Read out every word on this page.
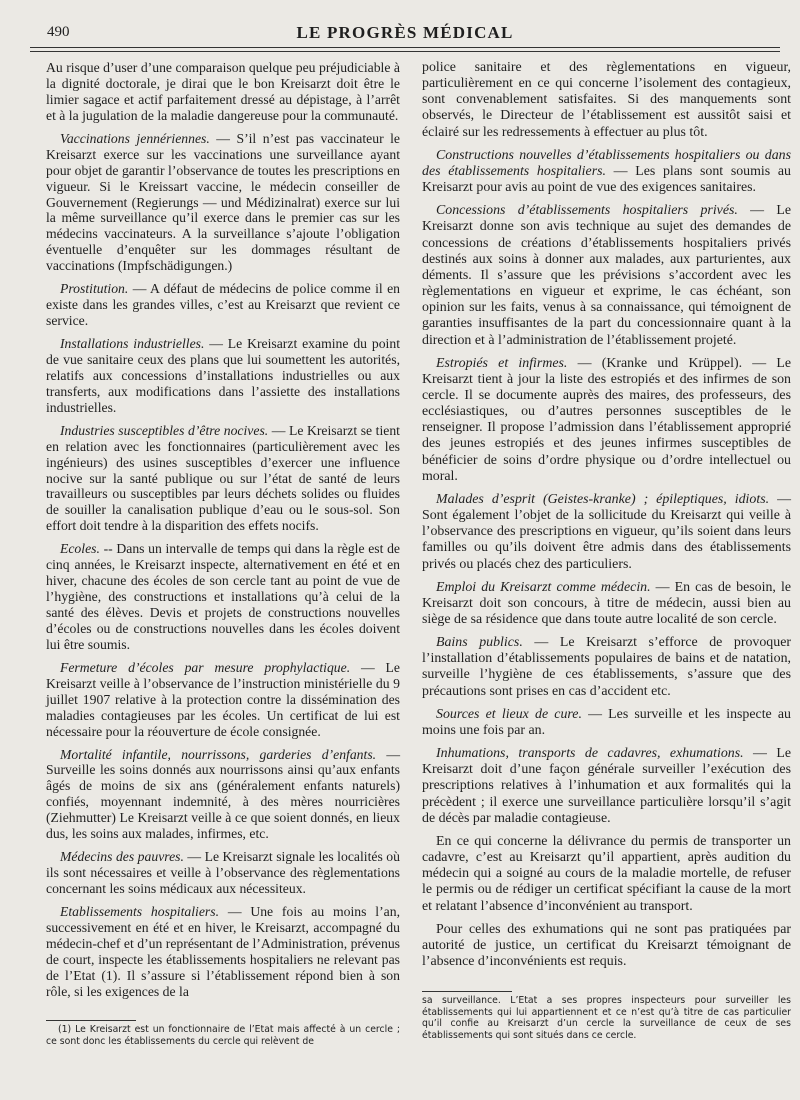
490	LE PROGRÈS MÉDICAL

Au risque d’user d’une comparaison quelque peu préjudiciable à la dignité doctorale, je dirai que le bon Kreisarzt doit être le limier sagace et actif parfaitement dressé au dépistage, à l’arrêt et à la jugulation de la maladie dangereuse pour la communauté.

Vaccinations jennériennes. — S’il n’est pas vaccinateur le Kreisarzt exerce sur les vaccinations une surveillance ayant pour objet de garantir l’observance de toutes les prescriptions en vigueur. Si le Kreissart vaccine, le médecin conseiller de Gouvernement (Regierungs — und Médizinalrat) exerce sur lui la même surveillance qu’il exerce dans le premier cas sur les médecins vaccinateurs. A la surveillance s’ajoute l’obligation éventuelle d’enquêter sur les dommages résultant de vaccinations (Impfschädigungen.)

Prostitution. — A défaut de médecins de police comme il en existe dans les grandes villes, c’est au Kreisarzt que revient ce service.

Installations industrielles. — Le Kreisarzt examine du point de vue sanitaire ceux des plans que lui soumettent les autorités, relatifs aux concessions d’installations industrielles ou aux transferts, aux modifications dans l’assiette des installations industrielles.

Industries susceptibles d’être nocives. — Le Kreisarzt se tient en relation avec les fonctionnaires (particulièrement avec les ingénieurs) des usines susceptibles d’exercer une influence nocive sur la santé publique ou sur l’état de santé de leurs travailleurs ou susceptibles par leurs déchets solides ou fluides de souiller la canalisation publique d’eau ou le sous-sol. Son effort doit tendre à la disparition des effets nocifs.

Ecoles. -- Dans un intervalle de temps qui dans la règle est de cinq années, le Kreisarzt inspecte, alternativement en été et en hiver, chacune des écoles de son cercle tant au point de vue de l’hygiène, des constructions et installations qu’à celui de la santé des élèves. Devis et projets de constructions nouvelles d’écoles ou de constructions nouvelles dans les écoles doivent lui être soumis.

Fermeture d’écoles par mesure prophylactique. — Le Kreisarzt veille à l’observance de l’instruction ministérielle du 9 juillet 1907 relative à la protection contre la dissémination des maladies contagieuses par les écoles. Un certificat de lui est nécessaire pour la réouverture de école consignée.

Mortalité infantile, nourrissons, garderies d’enfants. — Surveille les soins donnés aux nourrissons ainsi qu’aux enfants âgés de moins de six ans (généralement enfants naturels) confiés, moyennant indemnité, à des mères nourricières (Ziehmutter) Le Kreisarzt veille à ce que soient donnés, en lieux dus, les soins aux malades, infirmes, etc.

Médecins des pauvres. — Le Kreisarzt signale les localités où ils sont nécessaires et veille à l’observance des règlementations concernant les soins médicaux aux nécessiteux.

Etablissements hospitaliers. — Une fois au moins l’an, successivement en été et en hiver, le Kreisarzt, accompagné du médecin-chef et d’un représentant de l’Administration, prévenus de court, inspecte les établissements hospitaliers ne relevant pas de l’Etat (1). Il s’assure si l’établissement répond bien à son rôle, si les exigences de la

police sanitaire et des règlementations en vigueur, particulièrement en ce qui concerne l’isolement des contagieux, sont convenablement satisfaites. Si des manquements sont observés, le Directeur de l’établissement est aussitôt saisi et éclairé sur les redressements à effectuer au plus tôt.

Constructions nouvelles d’établissements hospitaliers ou dans des établissements hospitaliers. — Les plans sont soumis au Kreisarzt pour avis au point de vue des exigences sanitaires.

Concessions d’établissements hospitaliers privés. — Le Kreisarzt donne son avis technique au sujet des demandes de concessions de créations d’établissements hospitaliers privés destinés aux soins à donner aux malades, aux parturientes, aux déments. Il s’assure que les prévisions s’accordent avec les règlementations en vigueur et exprime, le cas échéant, son opinion sur les faits, venus à sa connaissance, qui témoignent de garanties insuffisantes de la part du concessionnaire quant à la direction et à l’administration de l’établissement projeté.

Estropiés et infirmes. — (Kranke und Krüppel). — Le Kreisarzt tient à jour la liste des estropiés et des infirmes de son cercle. Il se documente auprès des maires, des professeurs, des ecclésiastiques, ou d’autres personnes susceptibles de le renseigner. Il propose l’admission dans l’établissement approprié des jeunes estropiés et des jeunes infirmes susceptibles de bénéficier de soins d’ordre physique ou d’ordre intellectuel ou moral.

Malades d’esprit (Geistes-kranke) ; épileptiques, idiots. — Sont également l’objet de la sollicitude du Kreisarzt qui veille à l’observance des prescriptions en vigueur, qu’ils soient dans leurs familles ou qu’ils doivent être admis dans des établissements privés ou placés chez des particuliers.

Emploi du Kreisarzt comme médecin. — En cas de besoin, le Kreisarzt doit son concours, à titre de médecin, aussi bien au siège de sa résidence que dans toute autre localité de son cercle.

Bains publics. — Le Kreisarzt s’efforce de provoquer l’installation d’établissements populaires de bains et de natation, surveille l’hygiène de ces établissements, s’assure que des précautions sont prises en cas d’accident etc.

Sources et lieux de cure. — Les surveille et les inspecte au moins une fois par an.

Inhumations, transports de cadavres, exhumations. — Le Kreisarzt doit d’une façon générale surveiller l’exécution des prescriptions relatives à l’inhumation et aux formalités qui la précèdent ; il exerce une surveillance particulière lorsqu’il s’agit de décès par maladie contagieuse.

En ce qui concerne la délivrance du permis de transporter un cadavre, c’est au Kreisarzt qu’il appartient, après audition du médecin qui a soigné au cours de la maladie mortelle, de refuser le permis ou de rédiger un certificat spécifiant la cause de la mort et relatant l’absence d’inconvénient au transport.

Pour celles des exhumations qui ne sont pas pratiquées par autorité de justice, un certificat du Kreisarzt témoignant de l’absence d’inconvénients est requis.

(1) Le Kreisarzt est un fonctionnaire de l’Etat mais affecté à un cercle ; ce sont donc les établissements du cercle qui relèvent de

sa surveillance. L’Etat a ses propres inspecteurs pour surveiller les établissements qui lui appartiennent et ce n’est qu’à titre de cas particulier qu’il confie au Kreisarzt d’un cercle la surveillance de ceux de ses établissements qui sont situés dans ce cercle.
